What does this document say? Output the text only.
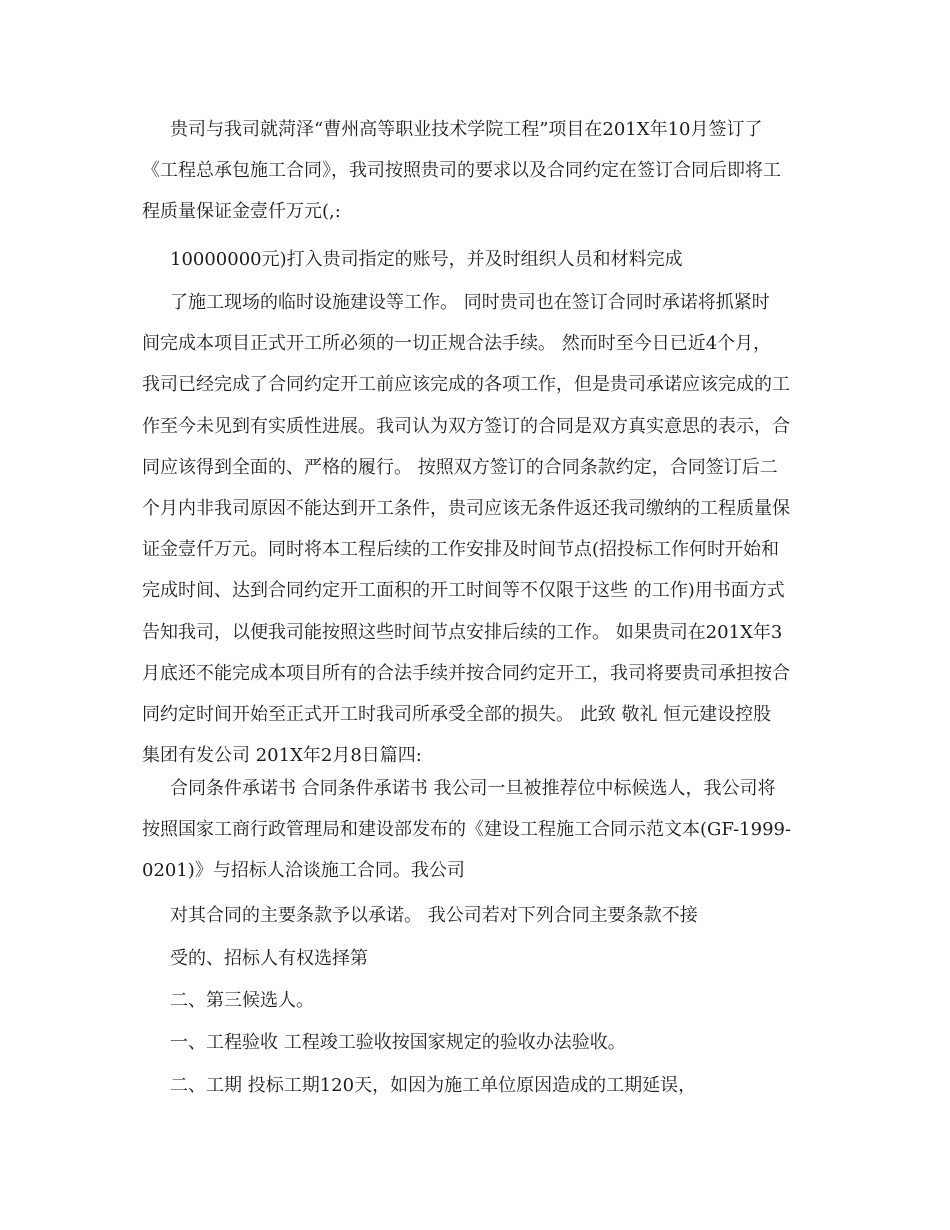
贵司与我司就菏泽“曹州高等职业技术学院工程”项目在201X年10月签订了
《工程总承包施工合同》，我司按照贵司的要求以及合同约定在签订合同后即将工
程质量保证金壹仟万元(,:

10000000元)打入贵司指定的账号，并及时组织人员和材料完成

了施工现场的临时设施建设等工作。 同时贵司也在签订合同时承诺将抓紧时
间完成本项目正式开工所必须的一切正规合法手续。 然而时至今日已近4个月，
我司已经完成了合同约定开工前应该完成的各项工作，但是贵司承诺应该完成的工
作至今未见到有实质性进展。我司认为双方签订的合同是双方真实意思的表示，合
同应该得到全面的、严格的履行。 按照双方签订的合同条款约定，合同签订后二
个月内非我司原因不能达到开工条件，贵司应该无条件返还我司缴纳的工程质量保
证金壹仟万元。同时将本工程后续的工作安排及时间节点(招投标工作何时开始和
完成时间、达到合同约定开工面积的开工时间等不仅限于这些 的工作)用书面方式
告知我司，以便我司能按照这些时间节点安排后续的工作。 如果贵司在201X年3
月底还不能完成本项目所有的合法手续并按合同约定开工，我司将要贵司承担按合
同约定时间开始至正式开工时我司所承受全部的损失。 此致 敬礼 恒元建设控股
集团有发公司 201X年2月8日篇四:

合同条件承诺书 合同条件承诺书 我公司一旦被推荐位中标候选人，我公司将
按照国家工商行政管理局和建设部发布的《建设工程施工合同示范文本(GF-1999-
0201)》与招标人洽谈施工合同。我公司

对其合同的主要条款予以承诺。 我公司若对下列合同主要条款不接

受的、招标人有权选择第

二、第三候选人。

一、工程验收 工程竣工验收按国家规定的验收办法验收。

二、工期 投标工期120天，如因为施工单位原因造成的工期延误，
